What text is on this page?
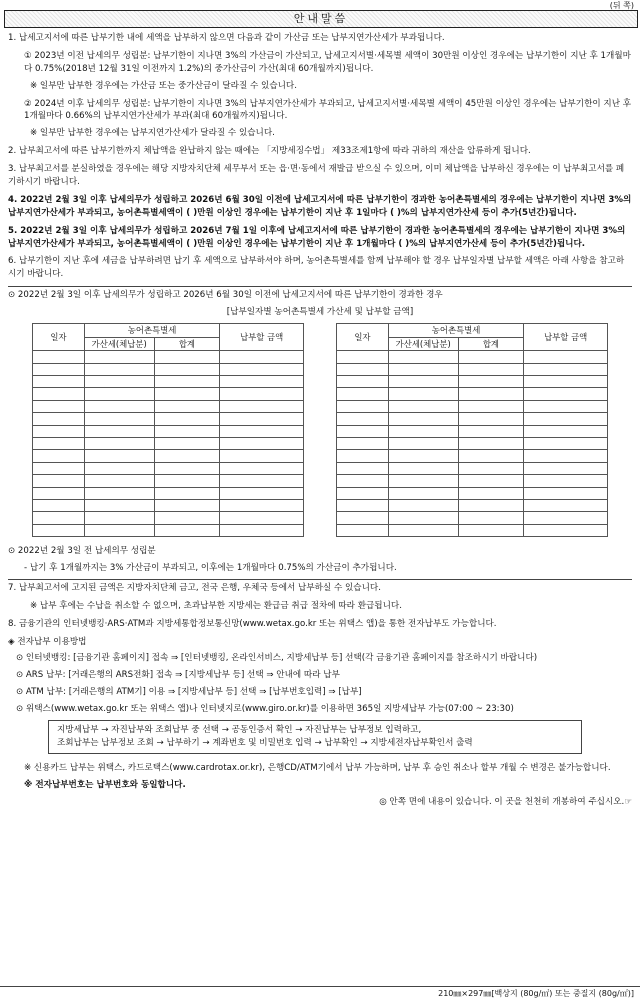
(뒤 쪽)
안내말씀

1. 납세고지서에 따른 납부기한 내에 세액을 납부하지 않으면 다음과 같이 가산금 또는 납부지연가산세가 부과됩니다.

① 2023년 이전 납세의무 성립분: 납부기한이 지나면 3%의 가산금이 가산되고, 납세고지서별·세목별 세액이 30만원 이상인 경우에는 납부기한이 지난 후 1개월마다 0.75%(2018년 12월 31일 이전까지 1.2%)의 중가산금이 가산(최대 60개월까지)됩니다.

※ 일부만 납부한 경우에는 가산금 또는 중가산금이 달라질 수 있습니다.

② 2024년 이후 납세의무 성립분: 납부기한이 지나면 3%의 납부지연가산세가 부과되고, 납세고지서별·세목별 세액이 45만원 이상인 경우에는 납부기한이 지난 후 1개월마다 0.66%의 납부지연가산세가 부과(최대 60개월까지)됩니다.

※ 일부만 납부한 경우에는 납부지연가산세가 달라질 수 있습니다.

2. 납부최고서에 따른 납부기한까지 체납액을 완납하지 않는 때에는 「지방세징수법」 제33조제1항에 따라 귀하의 재산을 압류하게 됩니다.

3. 납부최고서를 분실하였을 경우에는 해당 지방자치단체 세무부서 또는 읍·면·동에서 재발급 받으실 수 있으며, 이미 체납액을 납부하신 경우에는 이 납부최고서를 폐기하시기 바랍니다.

4. 2022년 2월 3일 이후 납세의무가 성립하고 2026년 6월 30일 이전에 납세고지서에 따른 납부기한이 경과한 농어촌특별세의 경우에는 납부기한이 지나면 3%의 납부지연가산세가 부과되고, 농어촌특별세액이 ( )만원 이상인 경우에는 납부기한이 지난 후 1일마다 ( )%의 납부지연가산세 등이 추가(5년간)됩니다.

5. 2022년 2월 3일 이후 납세의무가 성립하고 2026년 7월 1일 이후에 납세고지서에 따른 납부기한이 경과한 농어촌특별세의 경우에는 납부기한이 지나면 3%의 납부지연가산세가 부과되고, 농어촌특별세액이 ( )만원 이상인 경우에는 납부기한이 지난 후 1개월마다 ( )%의 납부지연가산세 등이 추가(5년간)됩니다.

6. 납부기한이 지난 후에 세금을 납부하려면 납기 후 세액으로 납부하셔야 하며, 농어촌특별세를 함께 납부해야 할 경우 납부일자별 납부할 세액은 아래 사항을 참고하시기 바랍니다.

⊙ 2022년 2월 3일 이후 납세의무가 성립하고 2026년 6월 30일 이전에 납세고지서에 따른 납부기한이 경과한 경우

[납부일자별 농어촌특별세 가산세 및 납부할 금액]

일자	농어촌특별세		납부할 금액
	가산세(체납분)	합계	

일자	농어촌특별세		납부할 금액
	가산세(체납분)	합계	

⊙ 2022년 2월 3일 전 납세의무 성립분

- 납기 후 1개월까지는 3% 가산금이 부과되고, 이후에는 1개월마다 0.75%의 가산금이 추가됩니다.

7. 납부최고서에 고지된 금액은 지방자치단체 금고, 전국 은행, 우체국 등에서 납부하실 수 있습니다.

※ 납부 후에는 수납을 취소할 수 없으며, 초과납부한 지방세는 환급금 취급 절차에 따라 환급됩니다.

8. 금융기관의 인터넷뱅킹·ARS·ATM과 지방세통합정보통신망(www.wetax.go.kr 또는 위택스 앱)을 통한 전자납부도 가능합니다.

◈ 전자납부 이용방법

⊙ 인터넷뱅킹: [금융기관 홈페이지] 접속 ⇒ [인터넷뱅킹, 온라인서비스, 지방세납부 등] 선택(각 금융기관 홈페이지를 참조하시기 바랍니다)

⊙ ARS 납부: [거래은행의 ARS전화] 접속 ⇒ [지방세납부 등] 선택 ⇒ 안내에 따라 납부

⊙ ATM 납부: [거래은행의 ATM기] 이용 ⇒ [지방세납부 등] 선택 ⇒ [납부번호입력] ⇒ [납부]

⊙ 위택스(www.wetax.go.kr 또는 위택스 앱)나 인터넷지로(www.giro.or.kr)를 이용하면 365일 지방세납부 가능(07:00 ~ 23:30)

지방세납부 → 자진납부와 조회납부 중 선택 → 공동인증서 확인 → 자진납부는 납부정보 입력하고,
조회납부는 납부정보 조회 → 납부하기 → 계좌번호 및 비밀번호 입력 → 납부확인 → 지방세전자납부확인서 출력

※ 신용카드 납부는 위택스, 카드로택스(www.cardrotax.or.kr), 은행CD/ATM기에서 납부 가능하며, 납부 후 승인 취소나 할부 개월 수 변경은 불가능합니다.

※ 전자납부번호는 납부번호와 동일합니다.

◎ 안쪽 면에 내용이 있습니다. 이 곳을 천천히 개봉하여 주십시오.☞

210㎜×297㎜[백상지 (80g/㎡) 또는 중질지 (80g/㎡)]
